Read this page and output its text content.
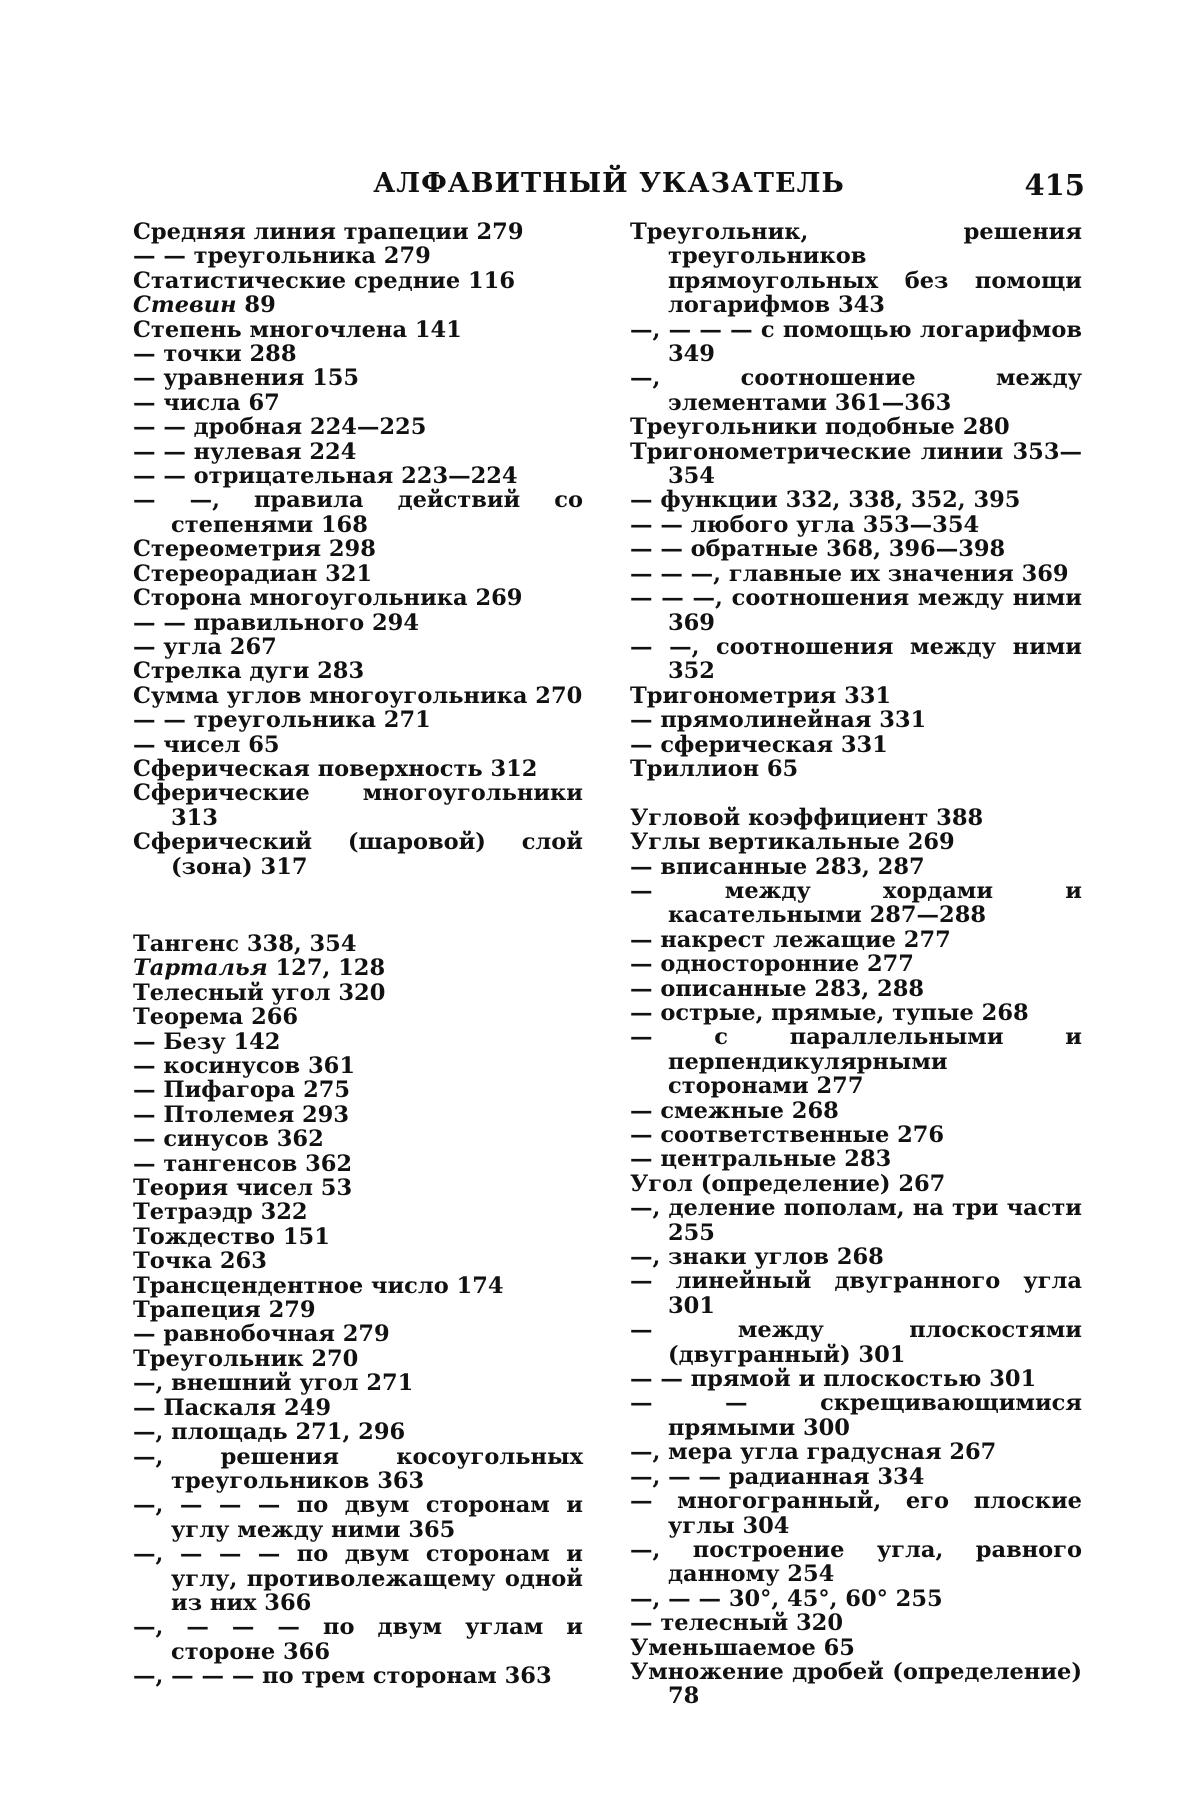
АЛФАВИТНЫЙ УКАЗАТЕЛЬ	415
Средняя линия трапеции 279
— — треугольника 279
Статистические средние 116
Стевин 89
Степень многочлена 141
— точки 288
— уравнения 155
— числа 67
— — дробная 224—225
— — нулевая 224
— — отрицательная 223—224
— —, правила действий со степенями 168
Стереометрия 298
Стереорадиан 321
Сторона многоугольника 269
— — правильного 294
— угла 267
Стрелка дуги 283
Сумма углов многоугольника 270
— — треугольника 271
— чисел 65
Сферическая поверхность 312
Сферические многоугольники 313
Сферический (шаровой) слой (зона) 317
Тангенс 338, 354
Тарталья 127, 128
Телесный угол 320
Теорема 266
— Безу 142
— косинусов 361
— Пифагора 275
— Птолемея 293
— синусов 362
— тангенсов 362
Теория чисел 53
Тетраэдр 322
Тождество 151
Точка 263
Трансцендентное число 174
Трапеция 279
— равнобочная 279
Треугольник 270
—, внешний угол 271
— Паскаля 249
—, площадь 271, 296
—, решения косоугольных треугольников 363
—, — — — по двум сторонам и углу между ними 365
—, — — — по двум сторонам и углу, противолежащему одной из них 366
—, — — — по двум углам и стороне 366
—, — — — по трем сторонам 363
Треугольник, решения треугольников прямоугольных без помощи логарифмов 343
—, — — — с помощью логарифмов 349
—, соотношение между элементами 361—363
Треугольники подобные 280
Тригонометрические линии 353—354
— функции 332, 338, 352, 395
— — любого угла 353—354
— — обратные 368, 396—398
— — —, главные их значения 369
— — —, соотношения между ними 369
— —, соотношения между ними 352
Тригонометрия 331
— прямолинейная 331
— сферическая 331
Триллион 65
Угловой коэффициент 388
Углы вертикальные 269
— вписанные 283, 287
— между хордами и касательными 287—288
— накрест лежащие 277
— односторонние 277
— описанные 283, 288
— острые, прямые, тупые 268
— с параллельными и перпендикулярными сторонами 277
— смежные 268
— соответственные 276
— центральные 283
Угол (определение) 267
—, деление пополам, на три части 255
—, знаки углов 268
— линейный двугранного угла 301
— между плоскостями (двугранный) 301
— — прямой и плоскостью 301
— — скрещивающимися прямыми 300
—, мера угла градусная 267
—, — — радианная 334
— многогранный, его плоские углы 304
—, построение угла, равного данному 254
—, — — 30°, 45°, 60° 255
— телесный 320
Уменьшаемое 65
Умножение дробей (определение) 78
